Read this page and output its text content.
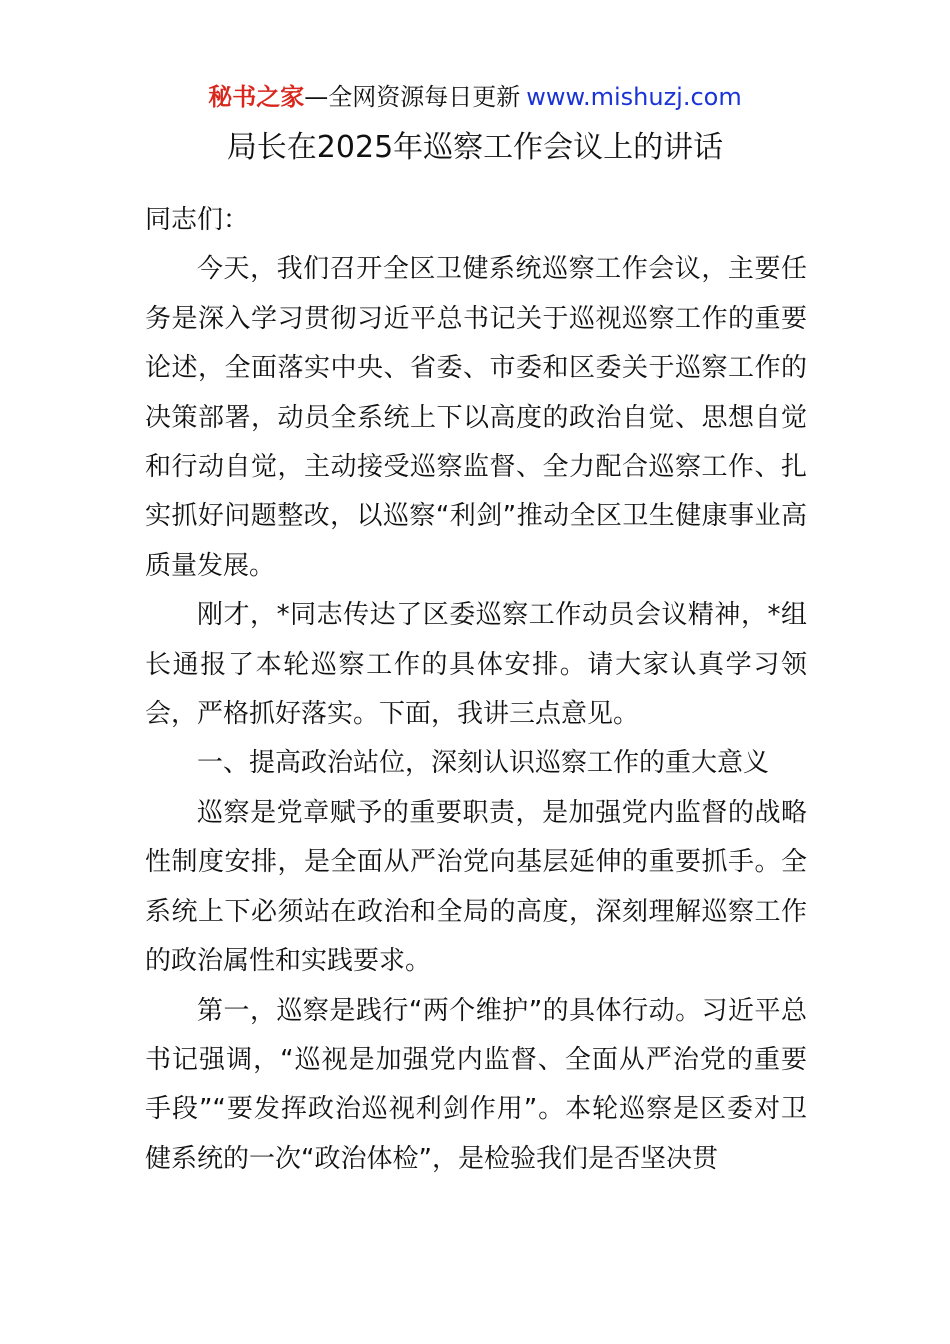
秘书之家—全网资源每日更新 www.mishuzj.com
局长在2025年巡察工作会议上的讲话

同志们：

今天，我们召开全区卫健系统巡察工作会议，主要任务是深入学习贯彻习近平总书记关于巡视巡察工作的重要论述，全面落实中央、省委、市委和区委关于巡察工作的决策部署，动员全系统上下以高度的政治自觉、思想自觉和行动自觉，主动接受巡察监督、全力配合巡察工作、扎实抓好问题整改，以巡察“利剑”推动全区卫生健康事业高质量发展。

刚才，*同志传达了区委巡察工作动员会议精神，*组长通报了本轮巡察工作的具体安排。请大家认真学习领会，严格抓好落实。下面，我讲三点意见。

一、提高政治站位，深刻认识巡察工作的重大意义

巡察是党章赋予的重要职责，是加强党内监督的战略性制度安排，是全面从严治党向基层延伸的重要抓手。全系统上下必须站在政治和全局的高度，深刻理解巡察工作的政治属性和实践要求。

第一，巡察是践行“两个维护”的具体行动。习近平总书记强调，“巡视是加强党内监督、全面从严治党的重要手段”“要发挥政治巡视利剑作用”。本轮巡察是区委对卫健系统的一次“政治体检”，是检验我们是否坚决贯
